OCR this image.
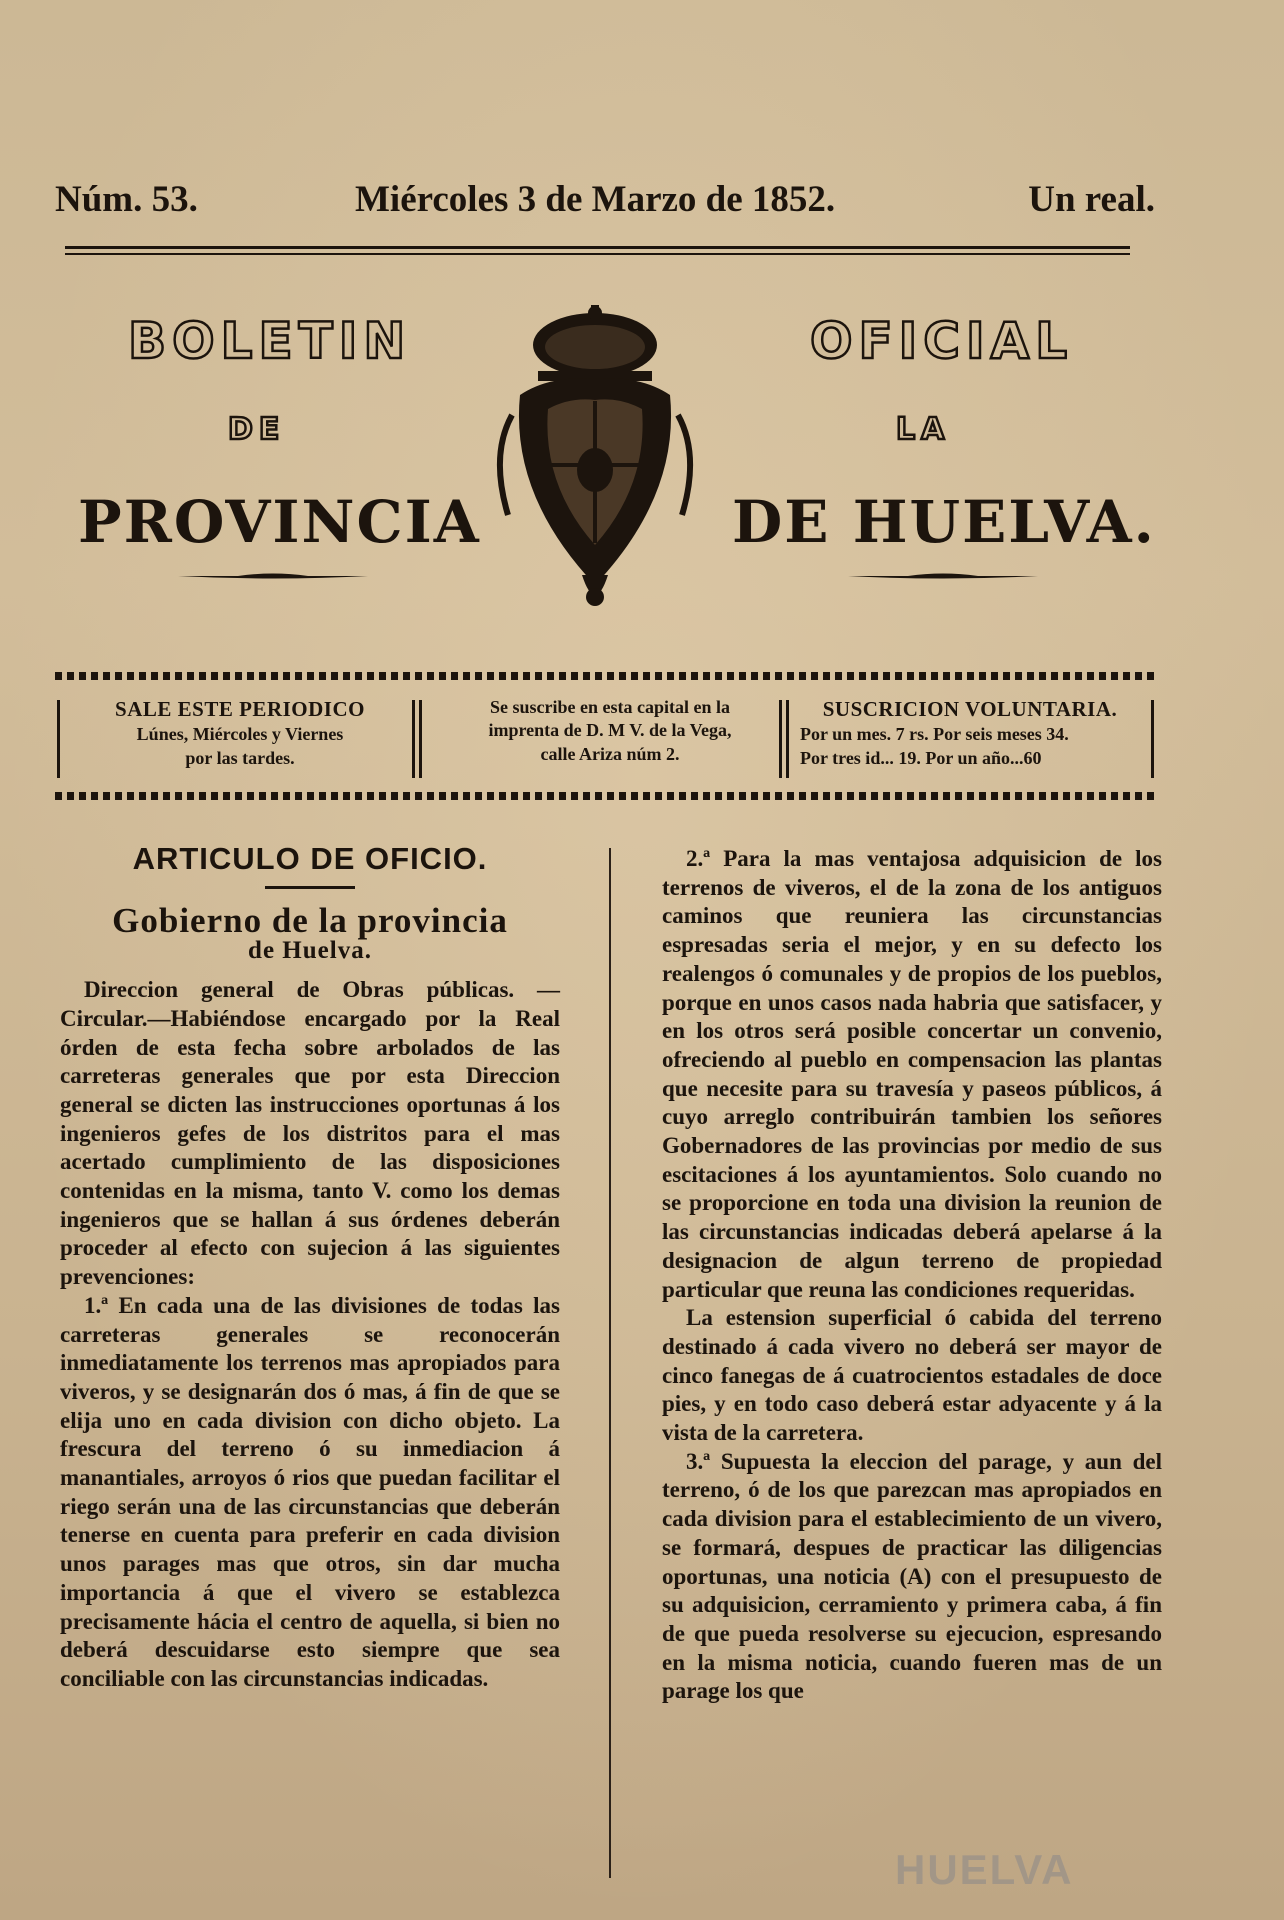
Núm. 53.	Miércoles 3 de Marzo de 1852.	Un real.
BOLETIN	OFICIAL
DE	LA
PROVINCIA	DE HUELVA.
SALE ESTE PERIODICO
Lúnes, Miércoles y Viernes
por las tardes.
Se suscribe en esta capital en la
imprenta de D. M V. de la Vega,
calle Ariza núm 2.
SUSCRICION VOLUNTARIA.
Por un mes. 7 rs. Por seis meses 34.
Por tres id... 19. Por un año...60
ARTICULO DE OFICIO.
Gobierno de la provincia
de Huelva.

Direccion general de Obras públicas. —Circular.—Habiéndose encargado por la Real órden de esta fecha sobre arbolados de las carreteras generales que por esta Direccion general se dicten las instrucciones oportunas á los ingenieros gefes de los distritos para el mas acertado cumplimiento de las disposiciones contenidas en la misma, tanto V. como los demas ingenieros que se hallan á sus órdenes deberán proceder al efecto con sujecion á las siguientes prevenciones:

1.ª En cada una de las divisiones de todas las carreteras generales se reconocerán inmediatamente los terrenos mas apropiados para viveros, y se designarán dos ó mas, á fin de que se elija uno en cada division con dicho objeto. La frescura del terreno ó su inmediacion á manantiales, arroyos ó rios que puedan facilitar el riego serán una de las circunstancias que deberán tenerse en cuenta para preferir en cada division unos parages mas que otros, sin dar mucha importancia á que el vivero se establezca precisamente hácia el centro de aquella, si bien no deberá descuidarse esto siempre que sea conciliable con las circunstancias indicadas.

2.ª Para la mas ventajosa adquisicion de los terrenos de viveros, el de la zona de los antiguos caminos que reuniera las circunstancias espresadas seria el mejor, y en su defecto los realengos ó comunales y de propios de los pueblos, porque en unos casos nada habria que satisfacer, y en los otros será posible concertar un convenio, ofreciendo al pueblo en compensacion las plantas que necesite para su travesía y paseos públicos, á cuyo arreglo contribuirán tambien los señores Gobernadores de las provincias por medio de sus escitaciones á los ayuntamientos. Solo cuando no se proporcione en toda una division la reunion de las circunstancias indicadas deberá apelarse á la designacion de algun terreno de propiedad particular que reuna las condiciones requeridas.

La estension superficial ó cabida del terreno destinado á cada vivero no deberá ser mayor de cinco fanegas de á cuatrocientos estadales de doce pies, y en todo caso deberá estar adyacente y á la vista de la carretera.

3.ª Supuesta la eleccion del parage, y aun del terreno, ó de los que parezcan mas apropiados en cada division para el establecimiento de un vivero, se formará, despues de practicar las diligencias oportunas, una noticia (A) con el presupuesto de su adquisicion, cerramiento y primera caba, á fin de que pueda resolverse su ejecucion, espresando en la misma noticia, cuando fueren mas de un parage los que

HUELVA
